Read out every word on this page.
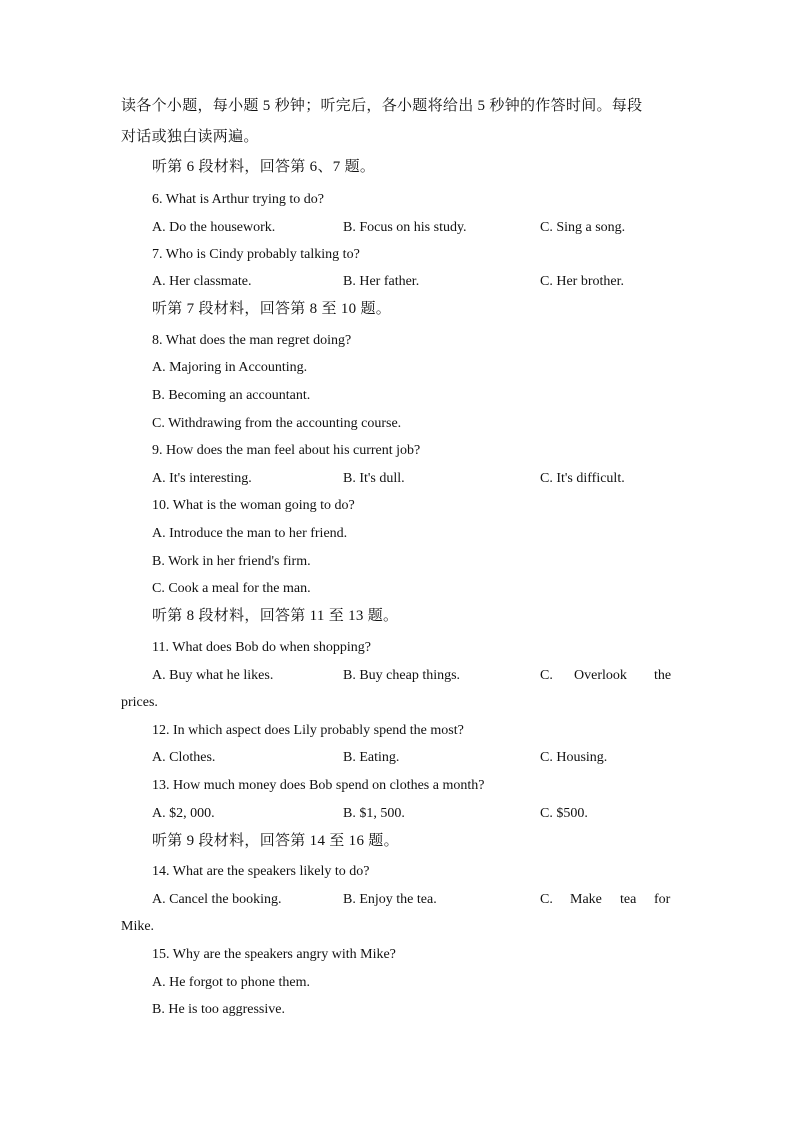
读各个小题，每小题 5 秒钟；听完后，各小题将给出 5 秒钟的作答时间。每段
对话或独白读两遍。
听第 6 段材料，回答第 6、7 题。
6. What is Arthur trying to do?
A. Do the housework.	B. Focus on his study.	C. Sing a song.
7. Who is Cindy probably talking to?
A. Her classmate.	B. Her father.	C. Her brother.
听第 7 段材料，回答第 8 至 10 题。
8. What does the man regret doing?
A. Majoring in Accounting.
B. Becoming an accountant.
C. Withdrawing from the accounting course.
9. How does the man feel about his current job?
A. It's interesting.	B. It's dull.	C. It's difficult.
10. What is the woman going to do?
A. Introduce the man to her friend.
B. Work in her friend's firm.
C. Cook a meal for the man.
听第 8 段材料，回答第 11 至 13 题。
11. What does Bob do when shopping?
A. Buy what he likes.	B. Buy cheap things.	C. Overlook the
prices.
12. In which aspect does Lily probably spend the most?
A. Clothes.	B. Eating.	C. Housing.
13. How much money does Bob spend on clothes a month?
A. $2, 000.	B. $1, 500.	C. $500.
听第 9 段材料，回答第 14 至 16 题。
14. What are the speakers likely to do?
A. Cancel the booking.	B. Enjoy the tea.	C. Make tea for
Mike.
15. Why are the speakers angry with Mike?
A. He forgot to phone them.
B. He is too aggressive.
